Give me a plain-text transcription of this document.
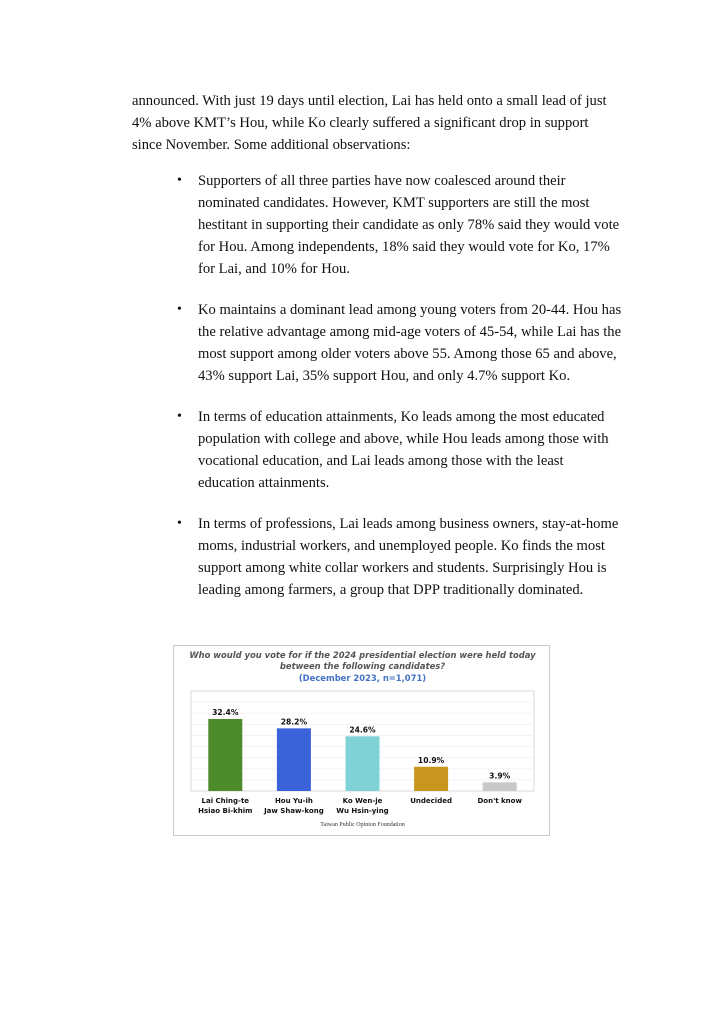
announced. With just 19 days until election, Lai has held onto a small lead of just 4% above KMT’s Hou, while Ko clearly suffered a significant drop in support since November. Some additional observations:

• Supporters of all three parties have now coalesced around their nominated candidates. However, KMT supporters are still the most hestitant in supporting their candidate as only 78% said they would vote for Hou. Among independents, 18% said they would vote for Ko, 17% for Lai, and 10% for Hou.
• Ko maintains a dominant lead among young voters from 20-44. Hou has the relative advantage among mid-age voters of 45-54, while Lai has the most support among older voters above 55. Among those 65 and above, 43% support Lai, 35% support Hou, and only 4.7% support Ko.
• In terms of education attainments, Ko leads among the most educated population with college and above, while Hou leads among those with vocational education, and Lai leads among those with the least education attainments.
• In terms of professions, Lai leads among business owners, stay-at-home moms, industrial workers, and unemployed people. Ko finds the most support among white collar workers and students. Surprisingly Hou is leading among farmers, a group that DPP traditionally dominated.
Who would you vote for if the 2024 presidential election were held today between the following candidates?
(December 2023, n=1,071)
32.4%
Lai Ching-te
Hsiao Bi-khim
28.2%
Hou Yu-ih
Jaw Shaw-kong
24.6%
Ko Wen-je
Wu Hsin-ying
10.9%
Undecided
3.9%
Don't know
Taiwan Public Opinion Foundation
